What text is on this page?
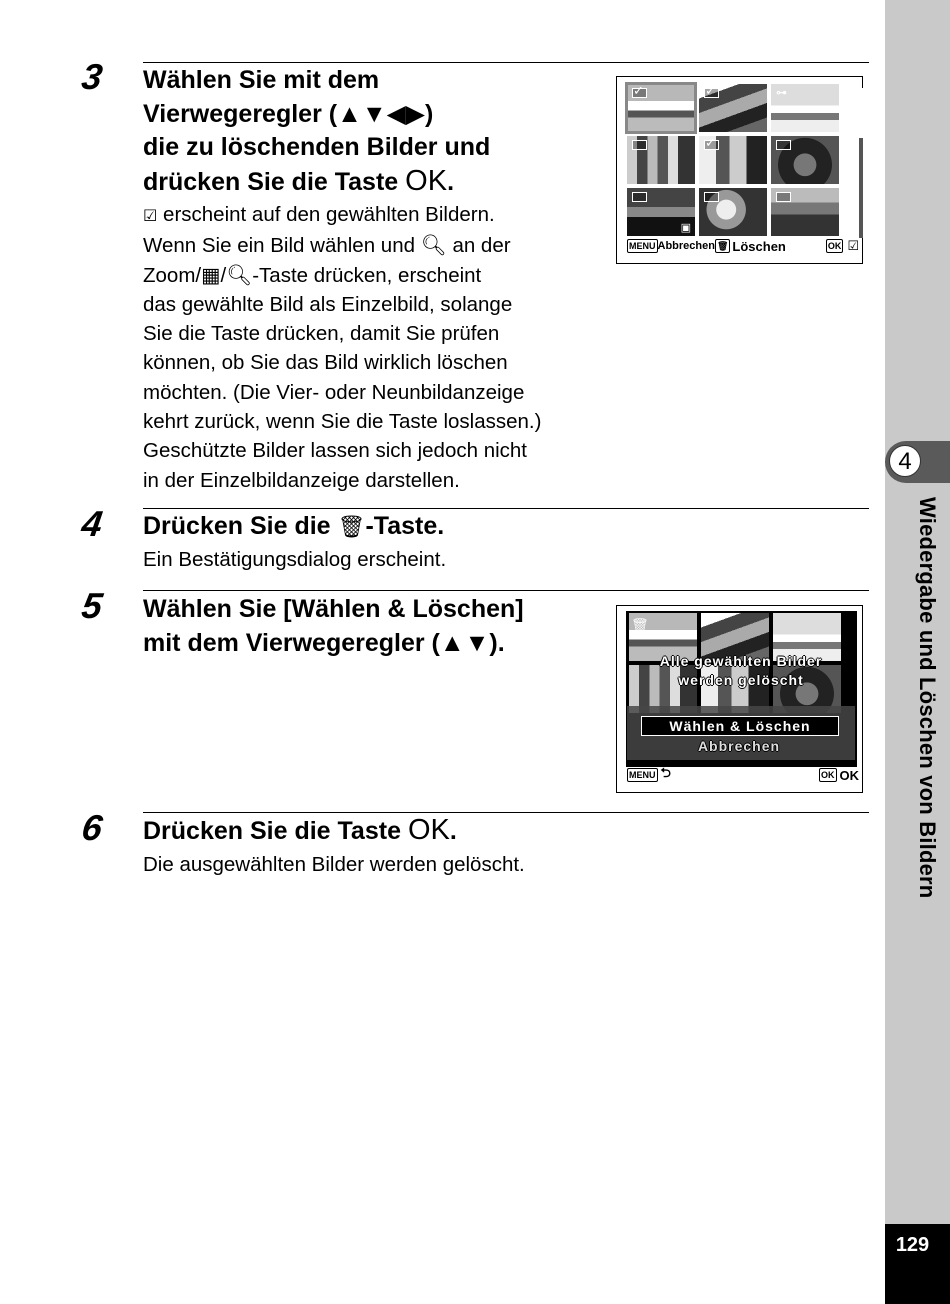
4
Wiedergabe und Löschen von Bildern
129
3 Wählen Sie mit dem
Vierwegeregler (▲▼◀▶)
die zu löschenden Bilder und
drücken Sie die Taste OK.
☑ erscheint auf den gewählten Bildern.
Wenn Sie ein Bild wählen und 🔍︎ an der
Zoom/▦/🔍︎-Taste drücken, erscheint
das gewählte Bild als Einzelbild, solange
Sie die Taste drücken, damit Sie prüfen
können, ob Sie das Bild wirklich löschen
möchten. (Die Vier- oder Neunbildanzeige
kehrt zurück, wenn Sie die Taste loslassen.)
Geschützte Bilder lassen sich jedoch nicht
in der Einzelbildanzeige darstellen.
✓	✓	⊶
✓
▣
MENU Abbrechen 🗑︎ Löschen	OK ☑
4 Drücken Sie die 🗑︎-Taste.
Ein Bestätigungsdialog erscheint.
5 Wählen Sie [Wählen & Löschen]
mit dem Vierwegeregler (▲▼).
🗑︎
Alle gewählten Bilder
werden gelöscht
Wählen & Löschen
Abbrechen
MENU ⮌	OK OK
6 Drücken Sie die Taste OK.
Die ausgewählten Bilder werden gelöscht.
